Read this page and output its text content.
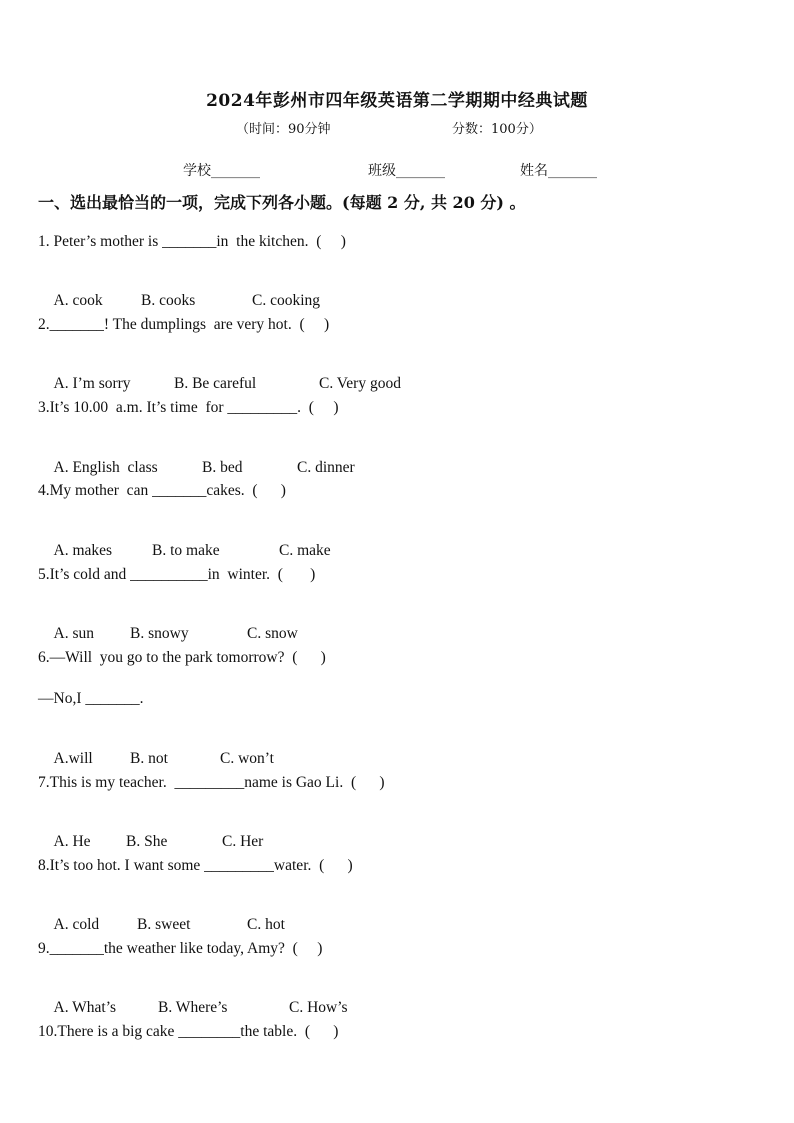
2024年彭州市四年级英语第二学期期中经典试题
（时间：90分钟	分数：100分）
学校_______	班级_______	姓名_______
一、选出最恰当的一项，完成下列各小题。(每题 2 分, 共 20 分) 。
1. Peter’s mother is _______in  the kitchen.  (     )

A. cook B. cooks	C. cooking

2._______! The dumplings  are very hot.  (     )

A. I’m sorry	B. Be careful	C. Very good

3.It’s 10.00  a.m. It’s time  for _________.  (     )

A. English  class	B. bed	C. dinner

4.My mother  can _______cakes.  (      )

A. makes	B. to make	C. make

5.It’s cold and __________in  winter.  (       )

A. sun B. snowy	C. snow

6.—Will  you go to the park tomorrow?  (      )
—No,I _______.

A.will B. not	C. won’t

7.This is my teacher.  _________name is Gao Li.  (      )

A. He B. She	C. Her

8.It’s too hot. I want some _________water.  (      )

A. cold B. sweet	C. hot

9._______the weather like today, Amy?  (     )

A. What’s	B. Where’s	C. How’s

10.There is a big cake ________the table.  (      )
